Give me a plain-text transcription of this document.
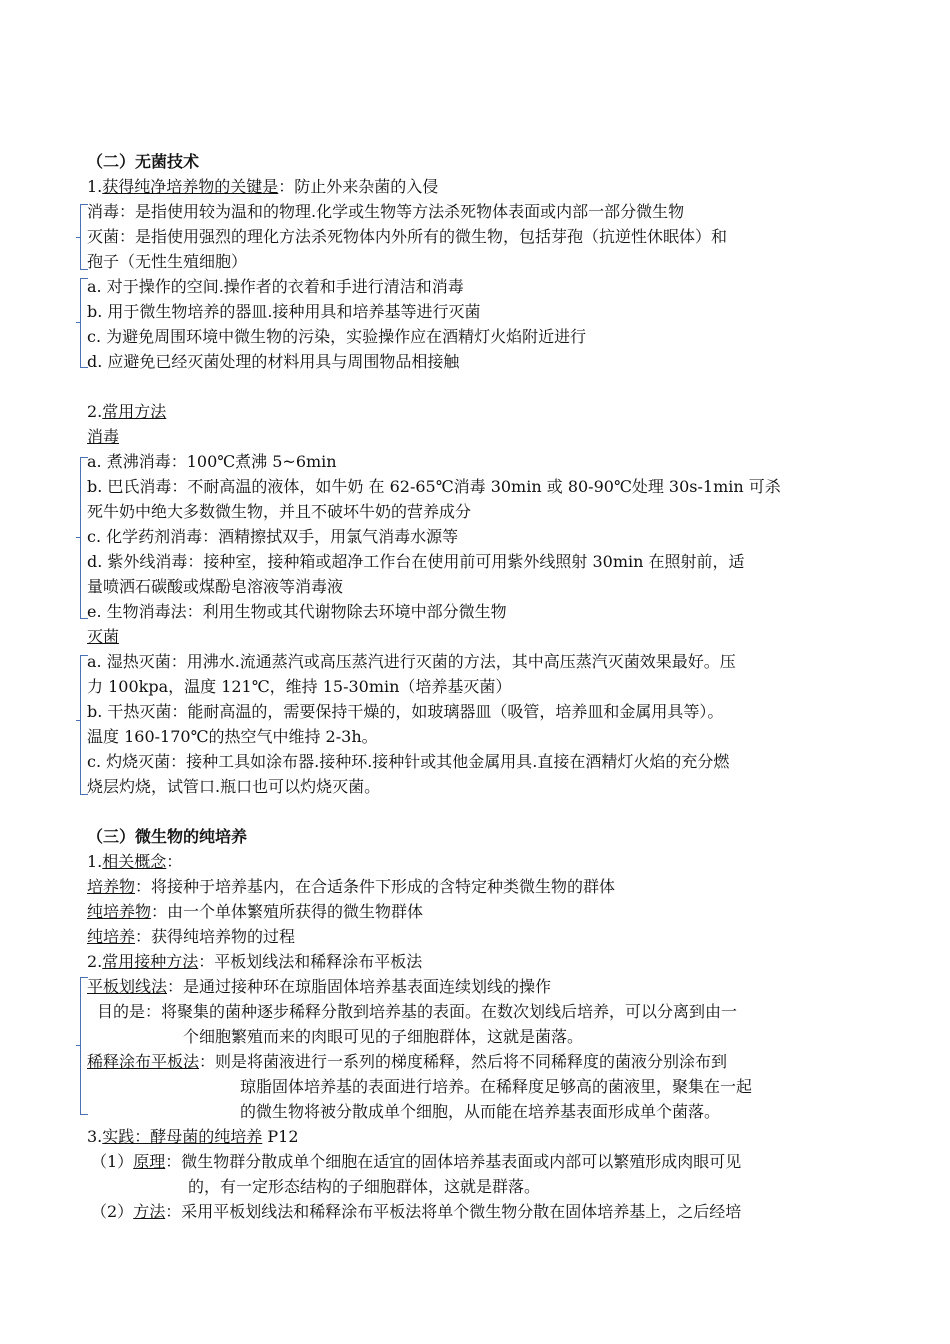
（二）无菌技术

1.获得纯净培养物的关键是：防止外来杂菌的入侵

消毒：是指使用较为温和的物理.化学或生物等方法杀死物体表面或内部一部分微生物

灭菌：是指使用强烈的理化方法杀死物体内外所有的微生物，包括芽孢（抗逆性休眠体）和

孢子（无性生殖细胞）

a. 对于操作的空间.操作者的衣着和手进行清洁和消毒

b. 用于微生物培养的器皿.接种用具和培养基等进行灭菌

c. 为避免周围环境中微生物的污染，实验操作应在酒精灯火焰附近进行

d. 应避免已经灭菌处理的材料用具与周围物品相接触

2.常用方法

消毒

a. 煮沸消毒：100℃煮沸 5~6min

b. 巴氏消毒：不耐高温的液体，如牛奶 在 62-65℃消毒 30min 或 80-90℃处理 30s-1min 可杀

死牛奶中绝大多数微生物，并且不破坏牛奶的营养成分

c. 化学药剂消毒：酒精擦拭双手，用氯气消毒水源等

d. 紫外线消毒：接种室，接种箱或超净工作台在使用前可用紫外线照射 30min 在照射前，适

量喷洒石碳酸或煤酚皂溶液等消毒液

e. 生物消毒法：利用生物或其代谢物除去环境中部分微生物

灭菌

a. 湿热灭菌：用沸水.流通蒸汽或高压蒸汽进行灭菌的方法，其中高压蒸汽灭菌效果最好。压

力 100kpa，温度 121℃，维持 15-30min（培养基灭菌）

b. 干热灭菌：能耐高温的，需要保持干燥的，如玻璃器皿（吸管，培养皿和金属用具等）。

温度 160-170℃的热空气中维持 2-3h。

c. 灼烧灭菌：接种工具如涂布器.接种环.接种针或其他金属用具.直接在酒精灯火焰的充分燃

烧层灼烧，试管口.瓶口也可以灼烧灭菌。

（三）微生物的纯培养

1.相关概念：

培养物：将接种于培养基内，在合适条件下形成的含特定种类微生物的群体

纯培养物：由一个单体繁殖所获得的微生物群体

纯培养：获得纯培养物的过程

2.常用接种方法：平板划线法和稀释涂布平板法

平板划线法：是通过接种环在琼脂固体培养基表面连续划线的操作

目的是：将聚集的菌种逐步稀释分散到培养基的表面。在数次划线后培养，可以分离到由一

个细胞繁殖而来的肉眼可见的子细胞群体，这就是菌落。

稀释涂布平板法：则是将菌液进行一系列的梯度稀释，然后将不同稀释度的菌液分别涂布到

琼脂固体培养基的表面进行培养。在稀释度足够高的菌液里，聚集在一起

的微生物将被分散成单个细胞，从而能在培养基表面形成单个菌落。

3.实践：酵母菌的纯培养 P12

（1）原理：微生物群分散成单个细胞在适宜的固体培养基表面或内部可以繁殖形成肉眼可见

的，有一定形态结构的子细胞群体，这就是群落。

（2）方法：采用平板划线法和稀释涂布平板法将单个微生物分散在固体培养基上，之后经培
